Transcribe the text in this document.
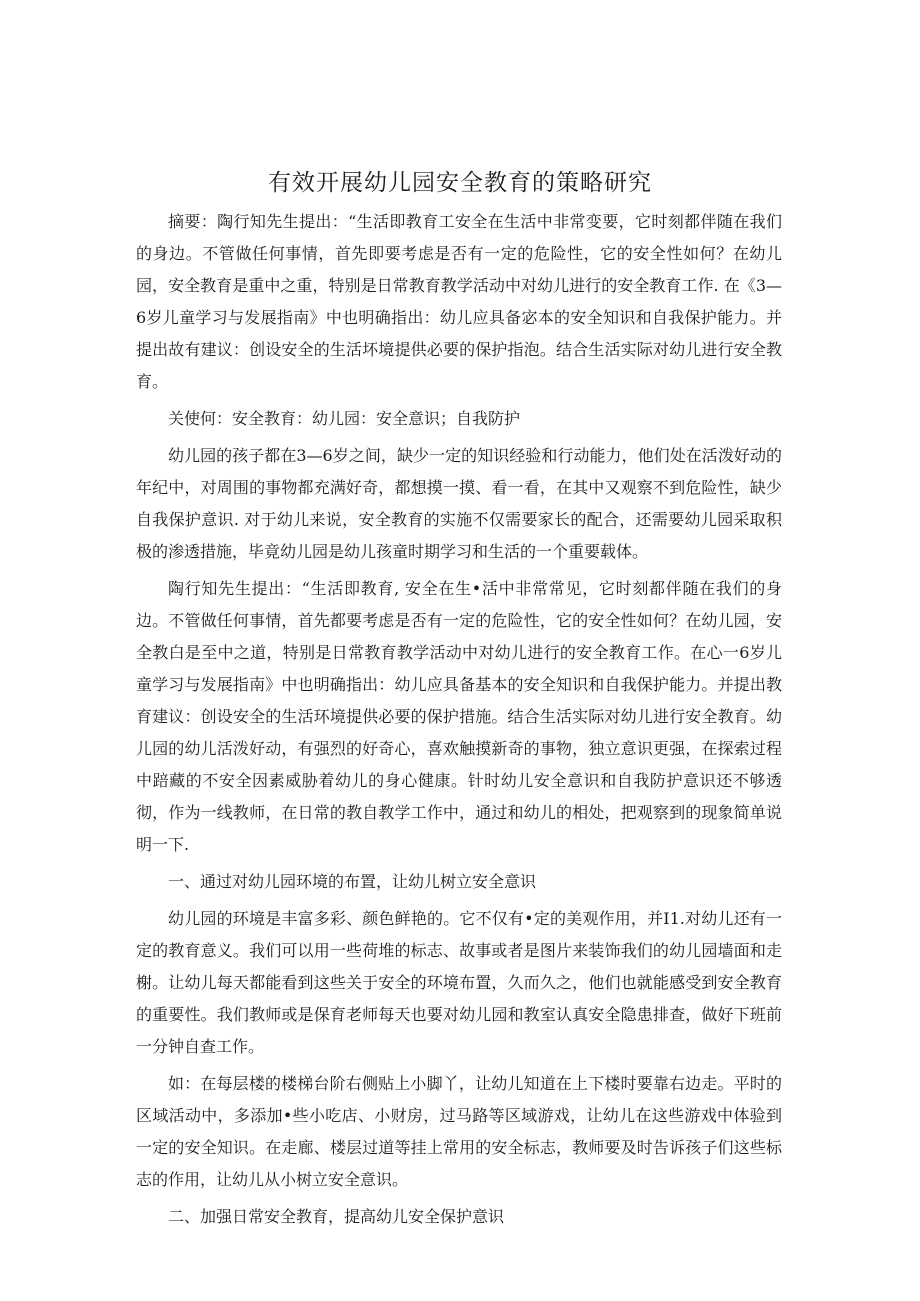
有效开展幼儿园安全教育的策略研究

摘要：陶行知先生提出：“生活即教育工安全在生活中非常变要，它时刻都伴随在我们的身边。不管做任何事情，首先即要考虑是否有一定的危险性，它的安全性如何？在幼儿园，安全教育是重中之重，特别是日常教育教学活动中对幼儿进行的安全教育工作. 在《3—6岁儿童学习与发展指南》中也明确指出：幼儿应具备宓本的安全知识和自我保护能力。并提出故有建议：创设安全的生活坏境提供必要的保护指泡。结合生活实际对幼儿进行安全教育。

关使何：安全教育：幼儿园：安全意识；自我防护

幼儿园的孩子都在3—6岁之间，缺少一定的知识经验和行动能力，他们处在活泼好动的年纪中，对周围的事物都充满好奇，都想摸一摸、看一看，在其中又观察不到危险性，缺少自我保护意识. 对于幼儿来说，安全教育的实施不仅需要家长的配合，还需要幼儿园采取积极的渗透措施，毕竟幼儿园是幼儿孩童时期学习和生活的一个重要载体。

陶行知先生提出：“生活即教育, 安全在生•活中非常常见，它时刻都伴随在我们的身边。不管做任何事情，首先都要考虑是否有一定的危险性，它的安全性如何？在幼儿园，安全教白是至中之道，特别是日常教育教学活动中对幼儿进行的安全教育工作。在心一6岁儿童学习与发展指南》中也明确指出：幼儿应具备基本的安全知识和自我保护能力。并提出教育建议：创设安全的生活环境提供必要的保护措施。结合生活实际对幼儿进行安全教育。幼儿园的幼儿活泼好动，有强烈的好奇心，喜欢触摸新奇的事物，独立意识更强，在探索过程中踣藏的不安全因素威胁着幼儿的身心健康。针时幼儿安全意识和自我防护意识还不够透彻，作为一线教师，在日常的教自教学工作中，通过和幼儿的相处，把观察到的现象简单说明一下.

一、通过对幼儿园环境的布置，让幼儿树立安全意识

幼儿园的环境是丰富多彩、颜色鲜艳的。它不仅有•定的美观作用，并I1.对幼儿还有一定的教育意义。我们可以用一些荷堆的标志、故事或者是图片来装饰我们的幼儿园墙面和走榭。让幼儿每天都能看到这些关于安全的环境布置，久而久之，他们也就能感受到安全教育的重要性。我们教师或是保育老师每天也要对幼儿园和教室认真安全隐患排查，做好下班前一分钟自查工作。

如：在每层楼的楼梯台阶右侧贴上小脚丫，让幼儿知道在上下楼时要靠右边走。平时的区域活动中，多添加•些小吃店、小财房，过马路等区域游戏，让幼儿在这些游戏中体验到一定的安全知识。在走廊、楼层过道等挂上常用的安全标志，教师要及时告诉孩子们这些标志的作用，让幼儿从小树立安全意识。

二、加强日常安全教育，提高幼儿安全保护意识
